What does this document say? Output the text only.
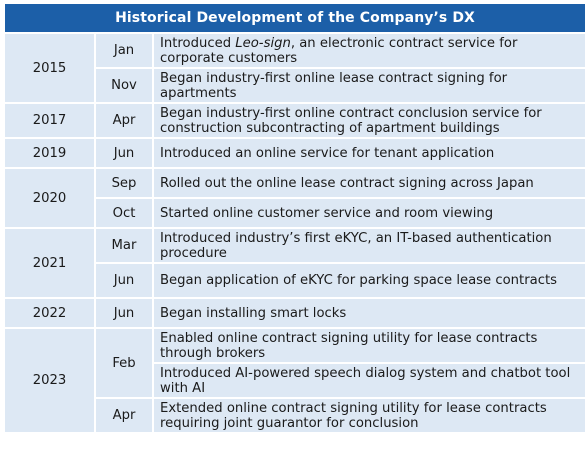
Historical Development of the Company’s DX		
2015	Jan	Introduced Leo-sign, an electronic contract service for corporate customers
	Nov	Began industry-first online lease contract signing for apartments
2017	Apr	Began industry-first online contract conclusion service for construction subcontracting of apartment buildings
2019	Jun	Introduced an online service for tenant application
2020	Sep	Rolled out the online lease contract signing across Japan
	Oct	Started online customer service and room viewing
2021	Mar	Introduced industry’s first eKYC, an IT-based authentication procedure
	Jun	Began application of eKYC for parking space lease contracts
2022	Jun	Began installing smart locks
2023	Feb	Enabled online contract signing utility for lease contracts through brokers
		Introduced AI-powered speech dialog system and chatbot tool with AI
	Apr	Extended online contract signing utility for lease contracts requiring joint guarantor for conclusion
